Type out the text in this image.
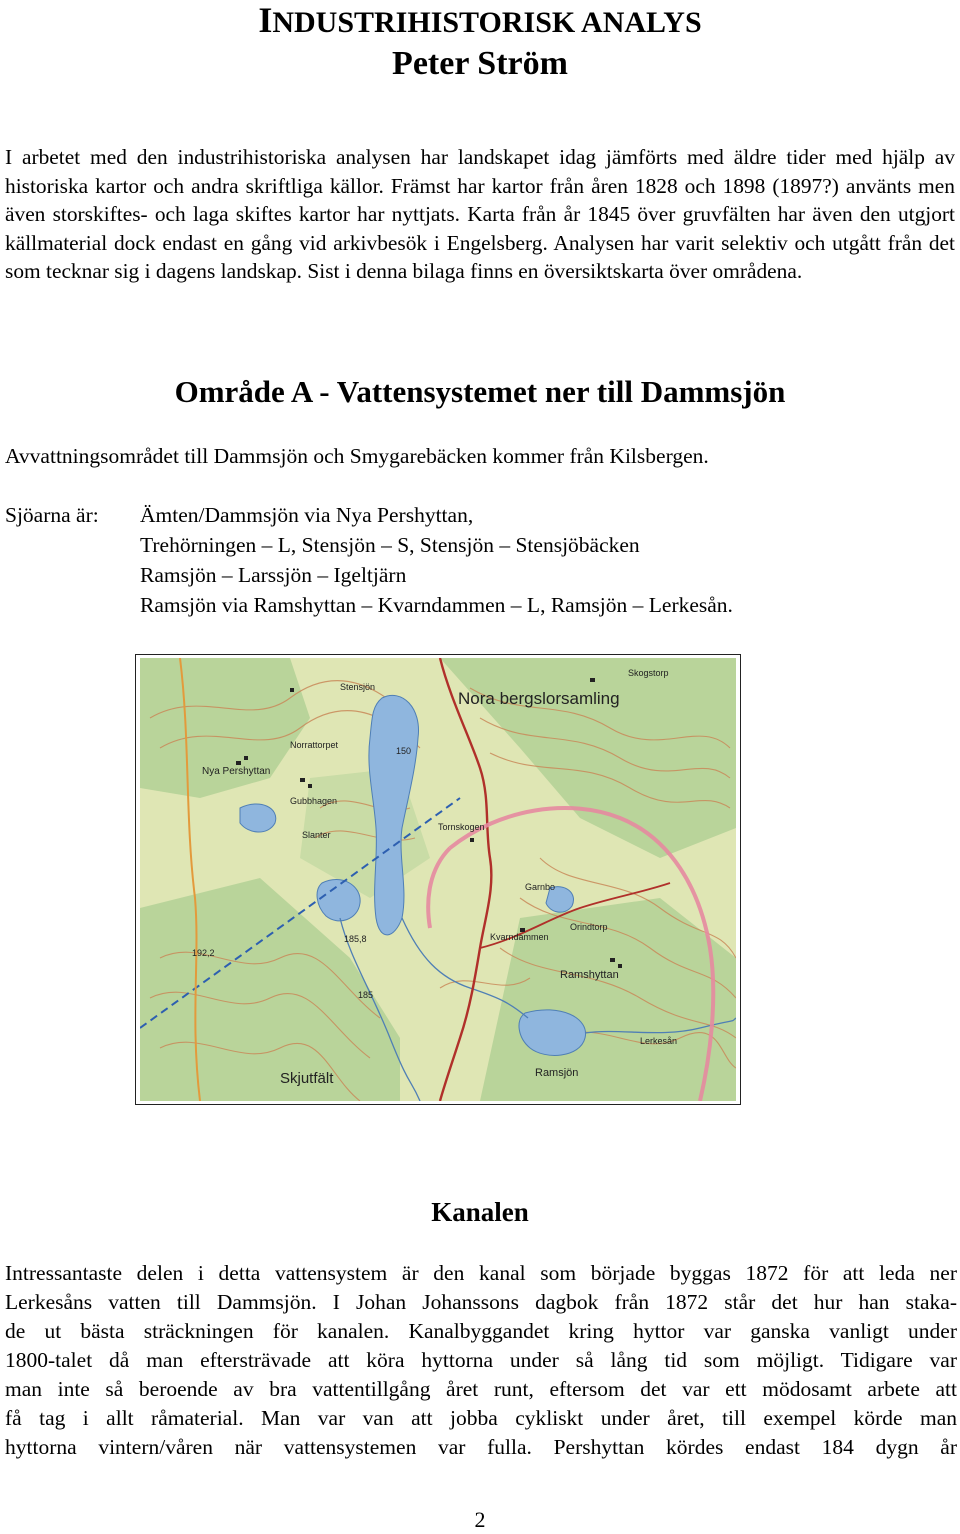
INDUSTRIHISTORISK ANALYS
Peter Ström
I arbetet med den industrihistoriska analysen har landskapet idag jämförts med äldre tider med hjälp av historiska kartor och andra skriftliga källor. Främst har kartor från åren 1828 och 1898 (1897?) använts men även storskiftes- och laga skiftes kartor har nyttjats. Karta från år 1845 över gruvfälten har även den utgjort källmaterial dock endast en gång vid arkivbesök i Engelsberg. Analysen har varit selektiv och utgått från det som tecknar sig i dagens landskap. Sist i denna bilaga finns en översiktskarta över områdena.
Område A - Vattensystemet ner till Dammsjön
Avvattningsområdet till Dammsjön och Smygarebäcken kommer från Kilsbergen.
Sjöarna är: Ämten/Dammsjön via Nya Pershyttan,
Trehörningen – L, Stensjön – S, Stensjön – Stensjöbäcken
Ramsjön – Larssjön – Igeltjärn
Ramsjön via Ramshyttan – Kvarndammen – L, Ramsjön – Lerkesån.
Nora bergslorsamling
Nya Pershyttan
Ramshyttan
Ramsjön
Skjutfält
Stensjön
Norrattorpet
Gubbhagen
Slanter
Tornskogen
Garnbo
Orindtorp
Kvarndammen
Lerkesån
Skogstorp
192,2
150
185,8
185
Kanalen
Intressantaste delen i detta vattensystem är den kanal som började byggas 1872 för att leda ner
Lerkesåns vatten till Dammsjön. I Johan Johanssons dagbok från 1872 står det hur han staka-
de ut bästa sträckningen för kanalen. Kanalbyggandet kring hyttor var ganska vanligt under
1800-talet då man eftersträvade att köra hyttorna under så lång tid som möjligt. Tidigare var
man inte så beroende av bra vattentillgång året runt, eftersom det var ett mödosamt arbete att
få tag i allt råmaterial. Man var van att jobba cykliskt under året, till exempel körde man
hyttorna vintern/våren när vattensystemen var fulla. Pershyttan kördes endast 184 dygn år
2
